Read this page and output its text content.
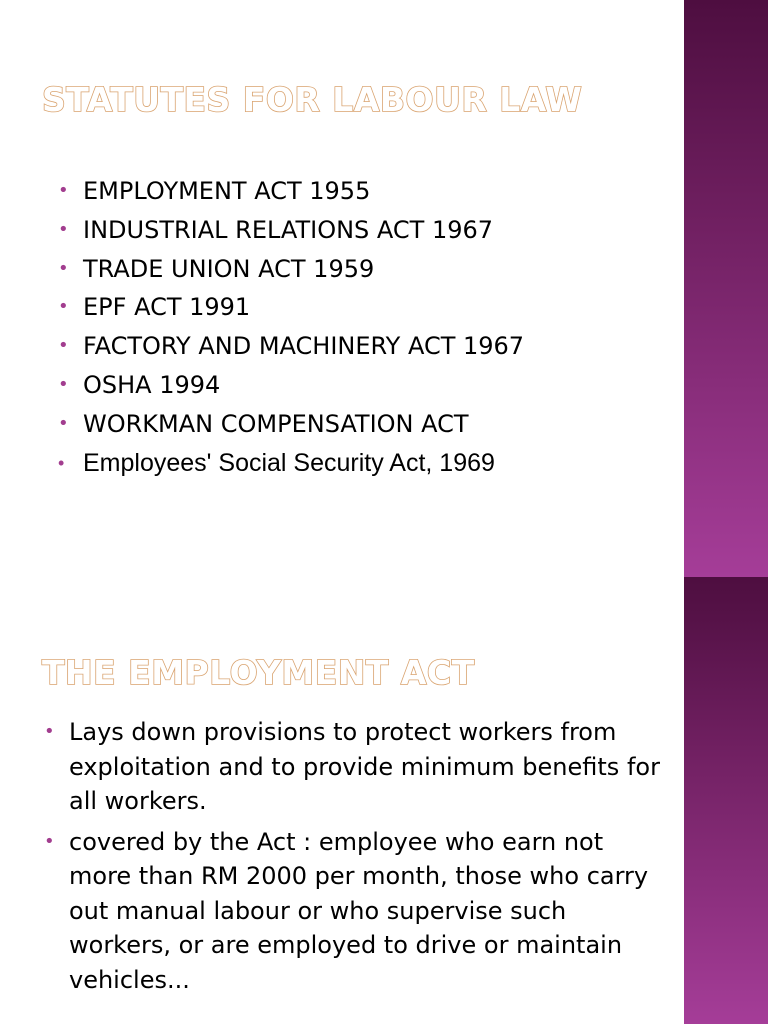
STATUTES FOR LABOUR LAW
• EMPLOYMENT ACT 1955
• INDUSTRIAL RELATIONS ACT 1967
• TRADE UNION ACT 1959
• EPF ACT 1991
• FACTORY AND MACHINERY ACT 1967
• OSHA 1994
• WORKMAN COMPENSATION ACT
• Employees' Social Security Act, 1969
THE EMPLOYMENT ACT
• Lays down provisions to protect workers from exploitation and to provide minimum benefits for all workers.
• covered by the Act : employee who earn not more than RM 2000 per month, those who carry out manual labour or who supervise such workers, or are employed to drive or maintain vehicles...
